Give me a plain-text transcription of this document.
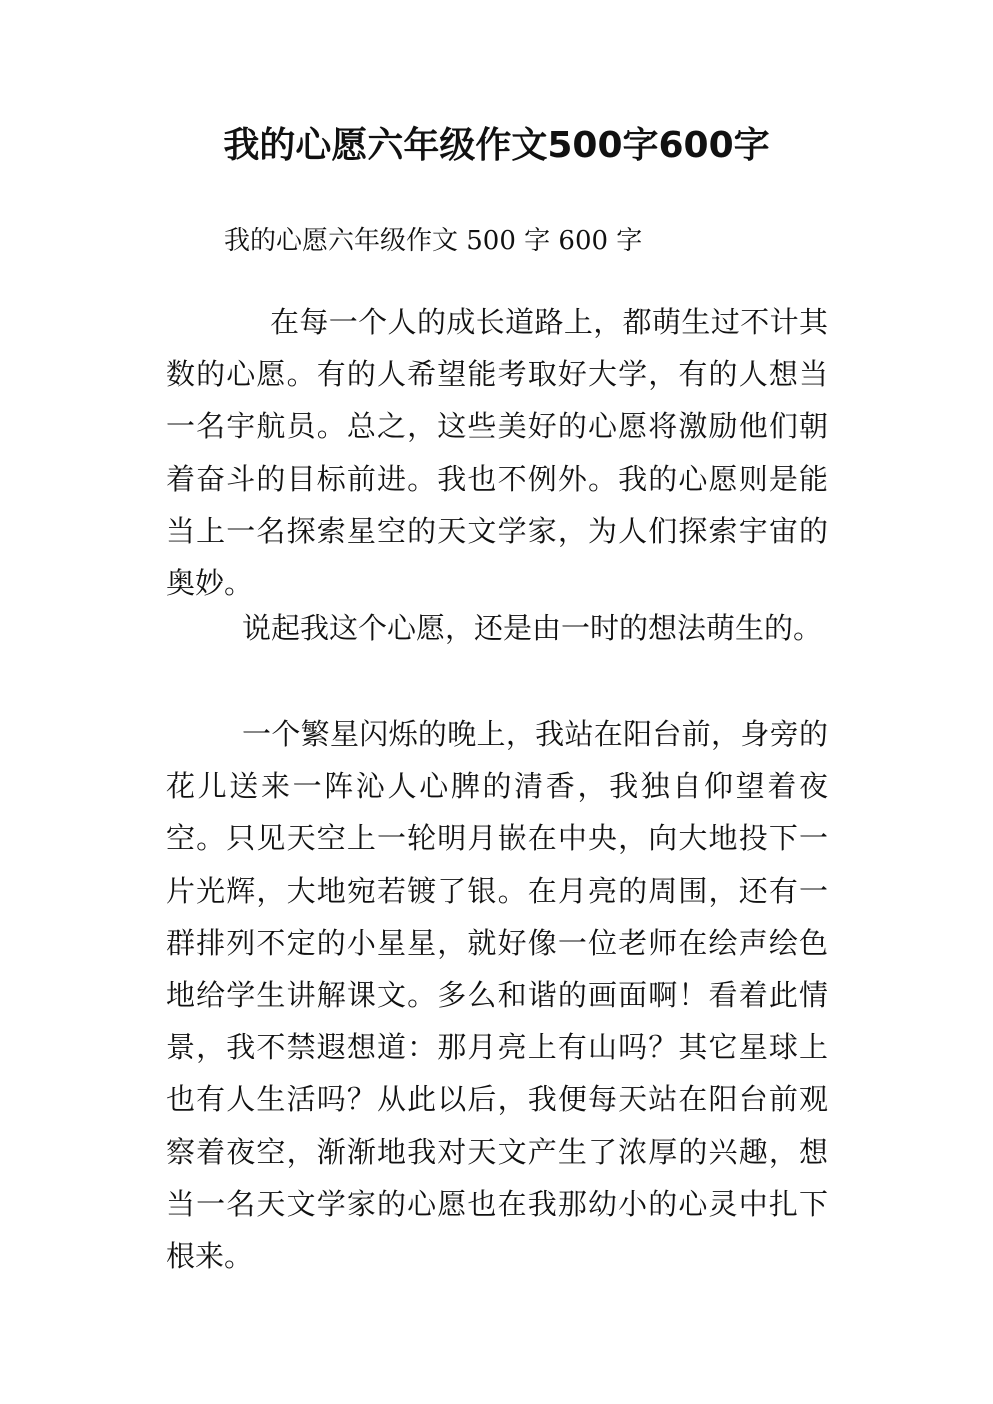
我的心愿六年级作文500字600字
我的心愿六年级作文 500 字 600 字

在每一个人的成长道路上，都萌生过不计其数的心愿。有的人希望能考取好大学，有的人想当一名宇航员。总之，这些美好的心愿将激励他们朝着奋斗的目标前进。我也不例外。我的心愿则是能当上一名探索星空的天文学家，为人们探索宇宙的奥妙。

说起我这个心愿，还是由一时的想法萌生的。

一个繁星闪烁的晚上，我站在阳台前，身旁的花儿送来一阵沁人心脾的清香，我独自仰望着夜空。只见天空上一轮明月嵌在中央，向大地投下一片光辉，大地宛若镀了银。在月亮的周围，还有一群排列不定的小星星，就好像一位老师在绘声绘色地给学生讲解课文。多么和谐的画面啊！看着此情景，我不禁遐想道：那月亮上有山吗？其它星球上也有人生活吗？从此以后，我便每天站在阳台前观察着夜空，渐渐地我对天文产生了浓厚的兴趣，想当一名天文学家的心愿也在我那幼小的心灵中扎下根来。
